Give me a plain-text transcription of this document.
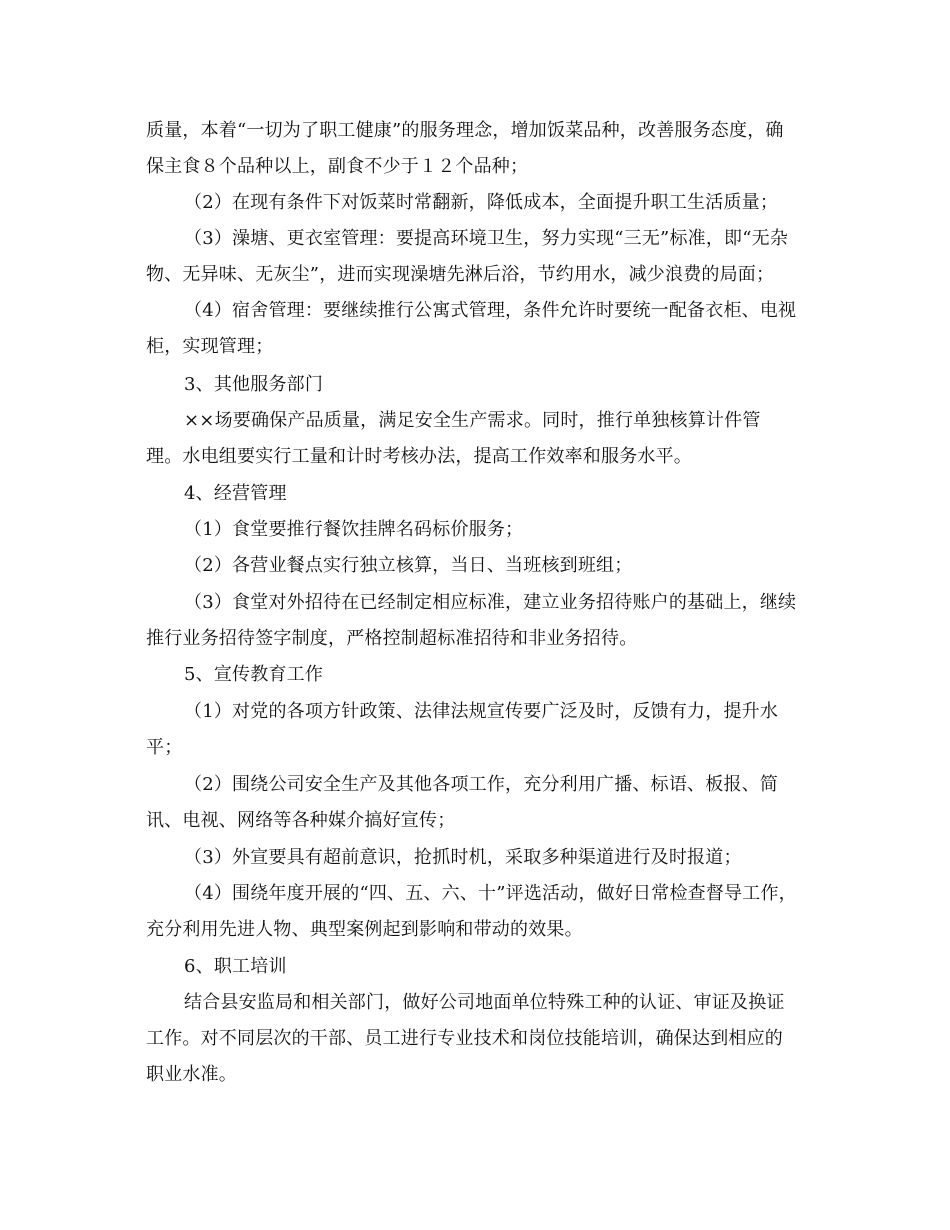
质量，本着“一切为了职工健康”的服务理念，增加饭菜品种，改善服务态度，确
保主食８个品种以上，副食不少于１２个品种；
（2）在现有条件下对饭菜时常翻新，降低成本，全面提升职工生活质量；
（3）澡塘、更衣室管理：要提高环境卫生，努力实现“三无”标准，即“无杂
物、无异味、无灰尘”，进而实现澡塘先淋后浴，节约用水，减少浪费的局面；
（4）宿舍管理：要继续推行公寓式管理，条件允许时要统一配备衣柜、电视
柜，实现管理；
3、其他服务部门
××场要确保产品质量，满足安全生产需求。同时，推行单独核算计件管
理。水电组要实行工量和计时考核办法，提高工作效率和服务水平。
4、经营管理
（1）食堂要推行餐饮挂牌名码标价服务；
（2）各营业餐点实行独立核算，当日、当班核到班组；
（3）食堂对外招待在已经制定相应标准，建立业务招待账户的基础上，继续
推行业务招待签字制度，严格控制超标准招待和非业务招待。
5、宣传教育工作
（1）对党的各项方针政策、法律法规宣传要广泛及时，反馈有力，提升水
平；
（2）围绕公司安全生产及其他各项工作，充分利用广播、标语、板报、简
讯、电视、网络等各种媒介搞好宣传；
（3）外宣要具有超前意识，抢抓时机，采取多种渠道进行及时报道；
（4）围绕年度开展的“四、五、六、十”评选活动，做好日常检查督导工作，
充分利用先进人物、典型案例起到影响和带动的效果。
6、职工培训
结合县安监局和相关部门，做好公司地面单位特殊工种的认证、审证及换证
工作。对不同层次的干部、员工进行专业技术和岗位技能培训，确保达到相应的
职业水准。
